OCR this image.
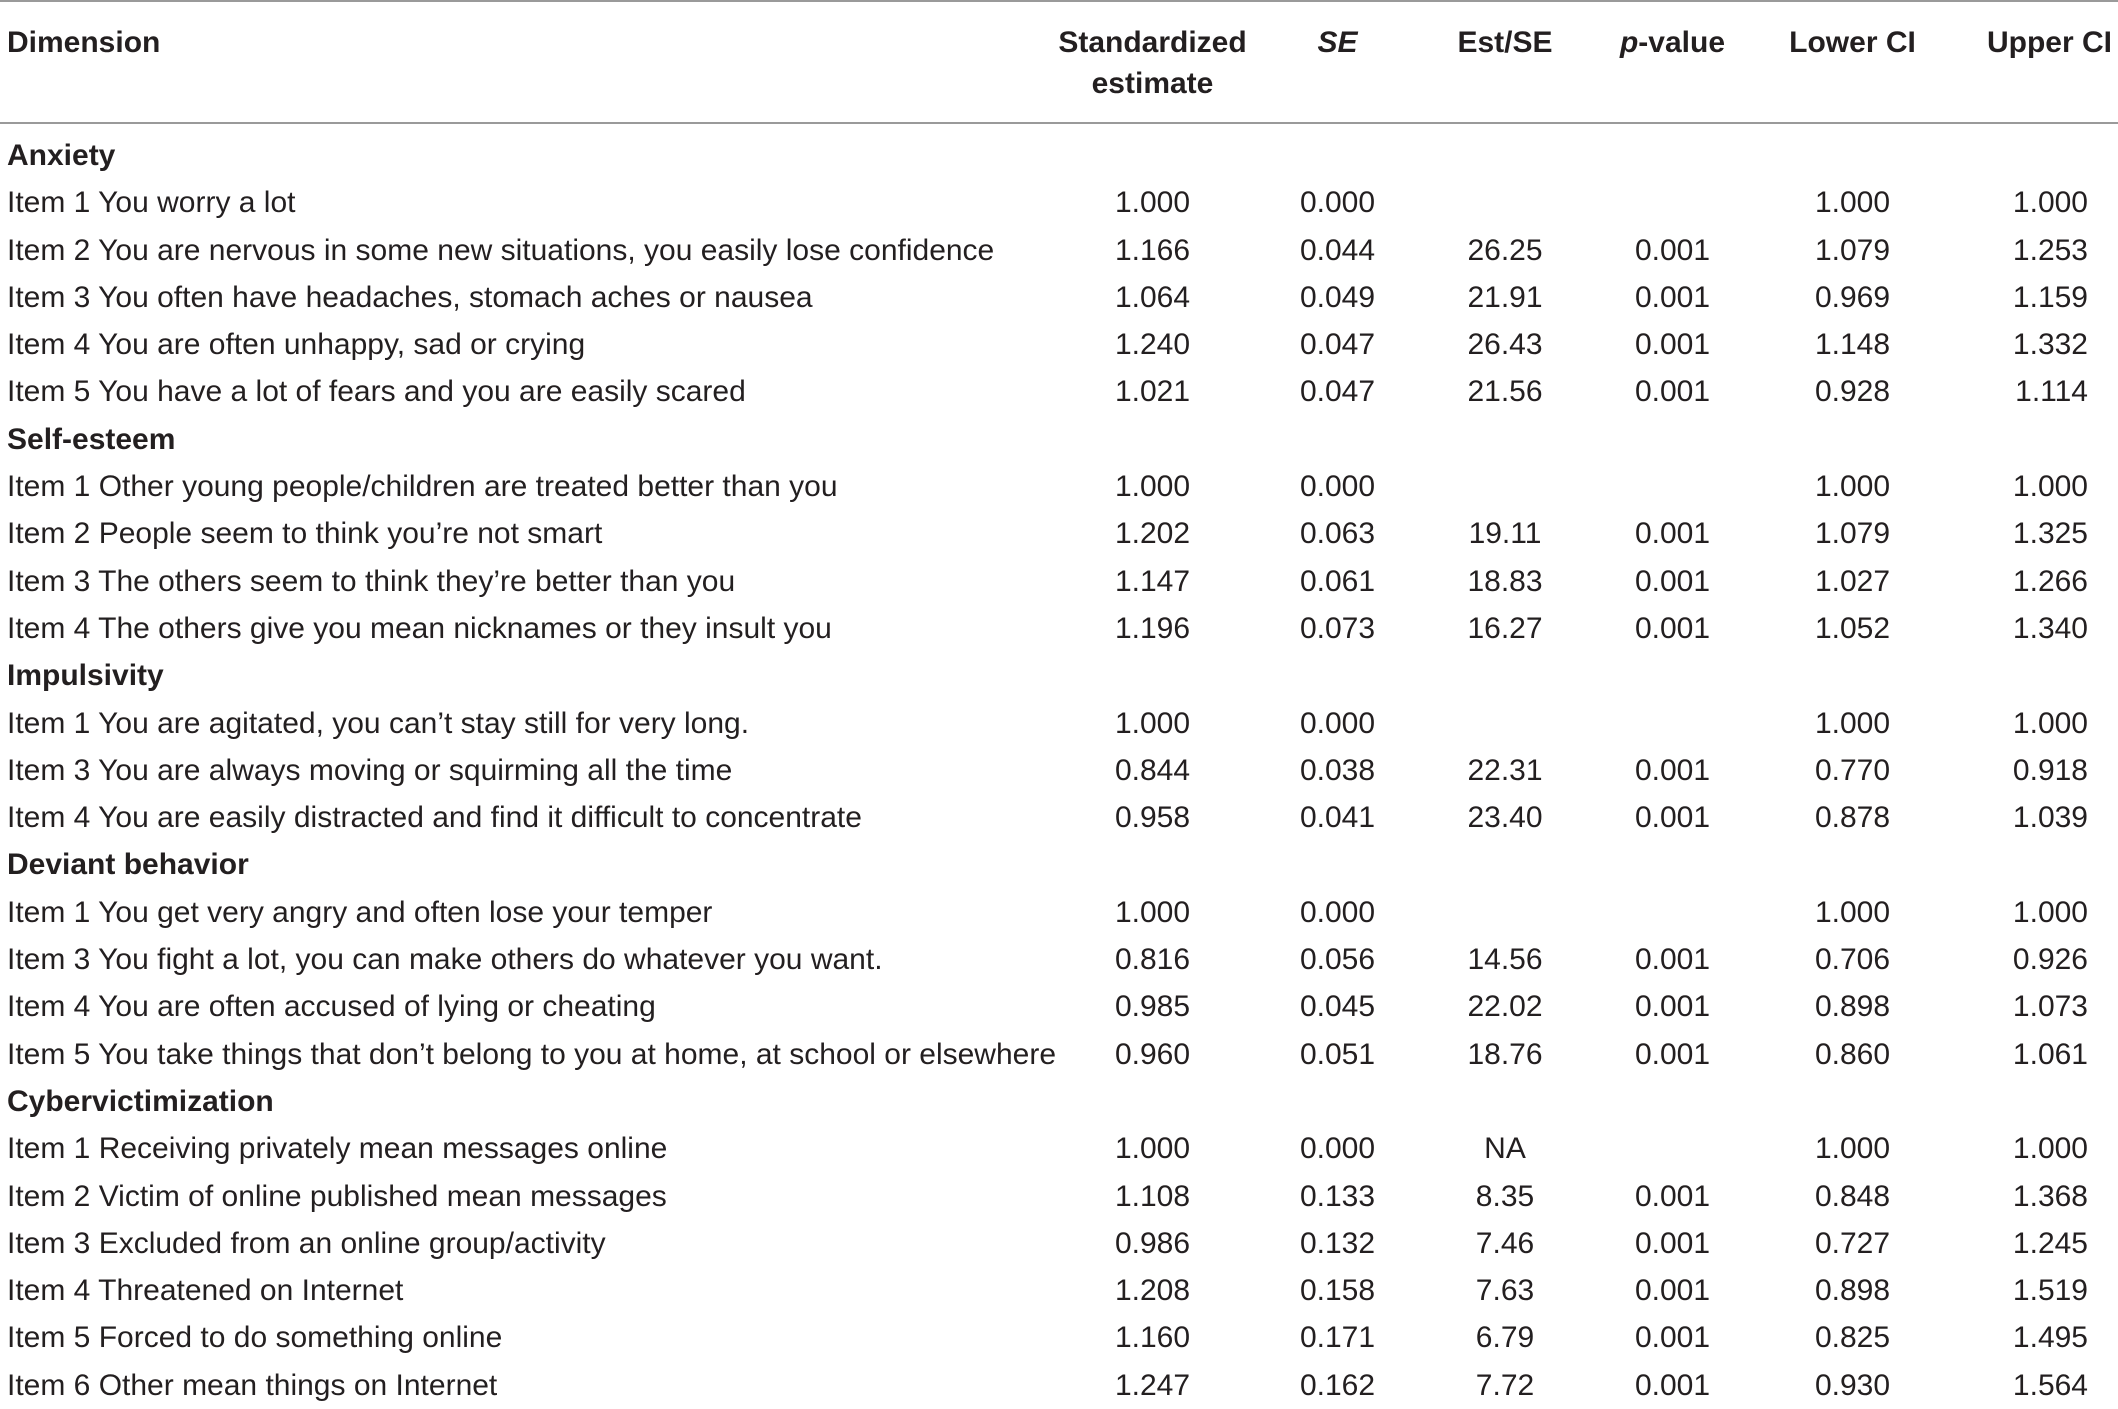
Dimension	Standardized estimate	SE	Est/SE	p-value	Lower CI	Upper CI
Anxiety						
Item 1 You worry a lot	1.000	0.000			1.000	1.000
Item 2 You are nervous in some new situations, you easily lose confidence	1.166	0.044	26.25	0.001	1.079	1.253
Item 3 You often have headaches, stomach aches or nausea	1.064	0.049	21.91	0.001	0.969	1.159
Item 4 You are often unhappy, sad or crying	1.240	0.047	26.43	0.001	1.148	1.332
Item 5 You have a lot of fears and you are easily scared	1.021	0.047	21.56	0.001	0.928	1.114
Self-esteem						
Item 1 Other young people/children are treated better than you	1.000	0.000			1.000	1.000
Item 2 People seem to think you’re not smart	1.202	0.063	19.11	0.001	1.079	1.325
Item 3 The others seem to think they’re better than you	1.147	0.061	18.83	0.001	1.027	1.266
Item 4 The others give you mean nicknames or they insult you	1.196	0.073	16.27	0.001	1.052	1.340
Impulsivity						
Item 1 You are agitated, you can’t stay still for very long.	1.000	0.000			1.000	1.000
Item 3 You are always moving or squirming all the time	0.844	0.038	22.31	0.001	0.770	0.918
Item 4 You are easily distracted and find it difficult to concentrate	0.958	0.041	23.40	0.001	0.878	1.039
Deviant behavior						
Item 1 You get very angry and often lose your temper	1.000	0.000			1.000	1.000
Item 3 You fight a lot, you can make others do whatever you want.	0.816	0.056	14.56	0.001	0.706	0.926
Item 4 You are often accused of lying or cheating	0.985	0.045	22.02	0.001	0.898	1.073
Item 5 You take things that don’t belong to you at home, at school or elsewhere	0.960	0.051	18.76	0.001	0.860	1.061
Cybervictimization						
Item 1 Receiving privately mean messages online	1.000	0.000	NA		1.000	1.000
Item 2 Victim of online published mean messages	1.108	0.133	8.35	0.001	0.848	1.368
Item 3 Excluded from an online group/activity	0.986	0.132	7.46	0.001	0.727	1.245
Item 4 Threatened on Internet	1.208	0.158	7.63	0.001	0.898	1.519
Item 5 Forced to do something online	1.160	0.171	6.79	0.001	0.825	1.495
Item 6 Other mean things on Internet	1.247	0.162	7.72	0.001	0.930	1.564
